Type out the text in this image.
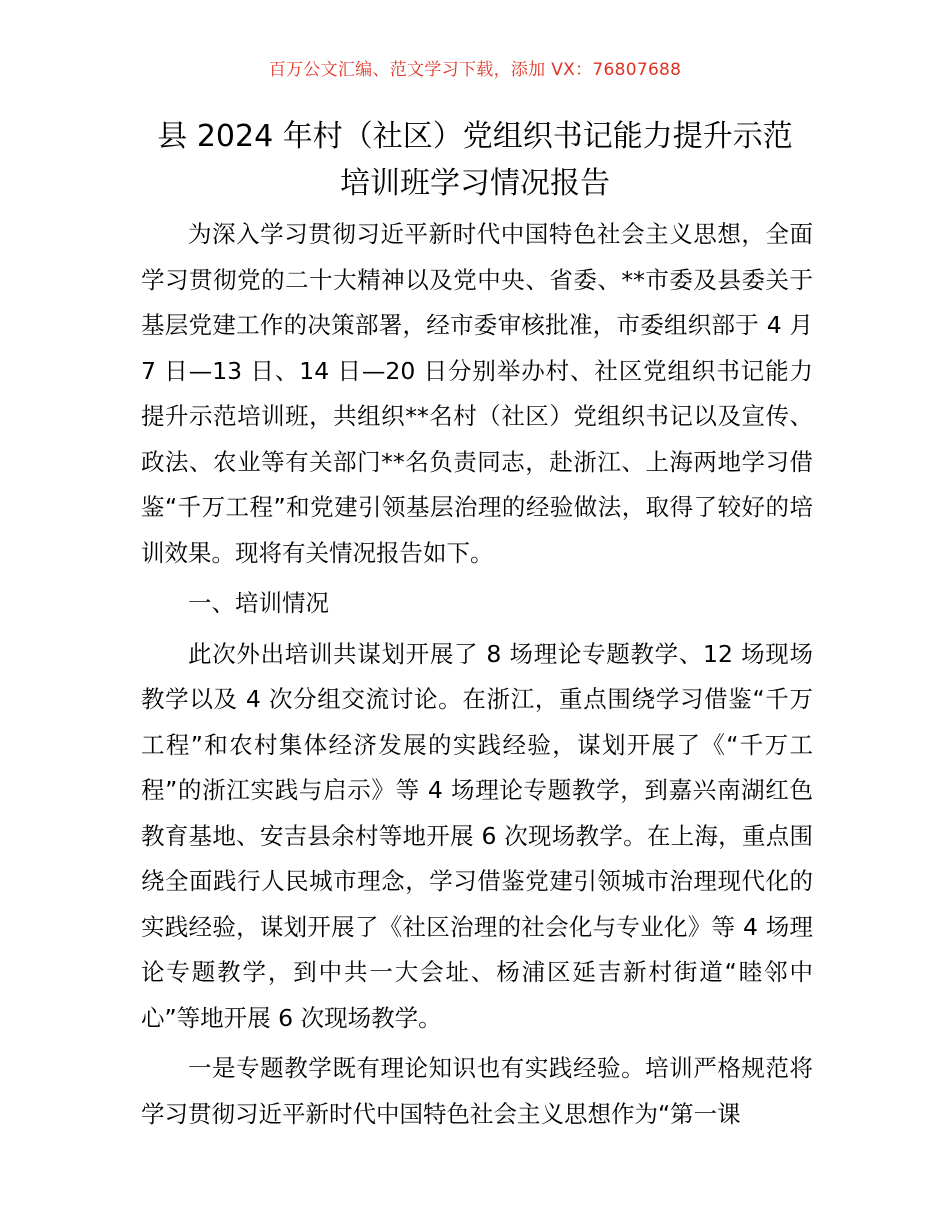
百万公文汇编、范文学习下载，添加 VX：76807688
县 2024 年村（社区）党组织书记能力提升示范
培训班学习情况报告

为深入学习贯彻习近平新时代中国特色社会主义思想，全面学习贯彻党的二十大精神以及党中央、省委、**市委及县委关于基层党建工作的决策部署，经市委审核批准，市委组织部于 4 月 7 日—13 日、14 日—20 日分别举办村、社区党组织书记能力提升示范培训班，共组织**名村（社区）党组织书记以及宣传、政法、农业等有关部门**名负责同志，赴浙江、上海两地学习借鉴“千万工程”和党建引领基层治理的经验做法，取得了较好的培训效果。现将有关情况报告如下。

一、培训情况

此次外出培训共谋划开展了 8 场理论专题教学、12 场现场教学以及 4 次分组交流讨论。在浙江，重点围绕学习借鉴“千万工程”和农村集体经济发展的实践经验，谋划开展了《“千万工程”的浙江实践与启示》等 4 场理论专题教学，到嘉兴南湖红色教育基地、安吉县余村等地开展 6 次现场教学。在上海，重点围绕全面践行人民城市理念，学习借鉴党建引领城市治理现代化的实践经验，谋划开展了《社区治理的社会化与专业化》等 4 场理论专题教学，到中共一大会址、杨浦区延吉新村街道“睦邻中心”等地开展 6 次现场教学。

一是专题教学既有理论知识也有实践经验。培训严格规范将学习贯彻习近平新时代中国特色社会主义思想作为“第一课
